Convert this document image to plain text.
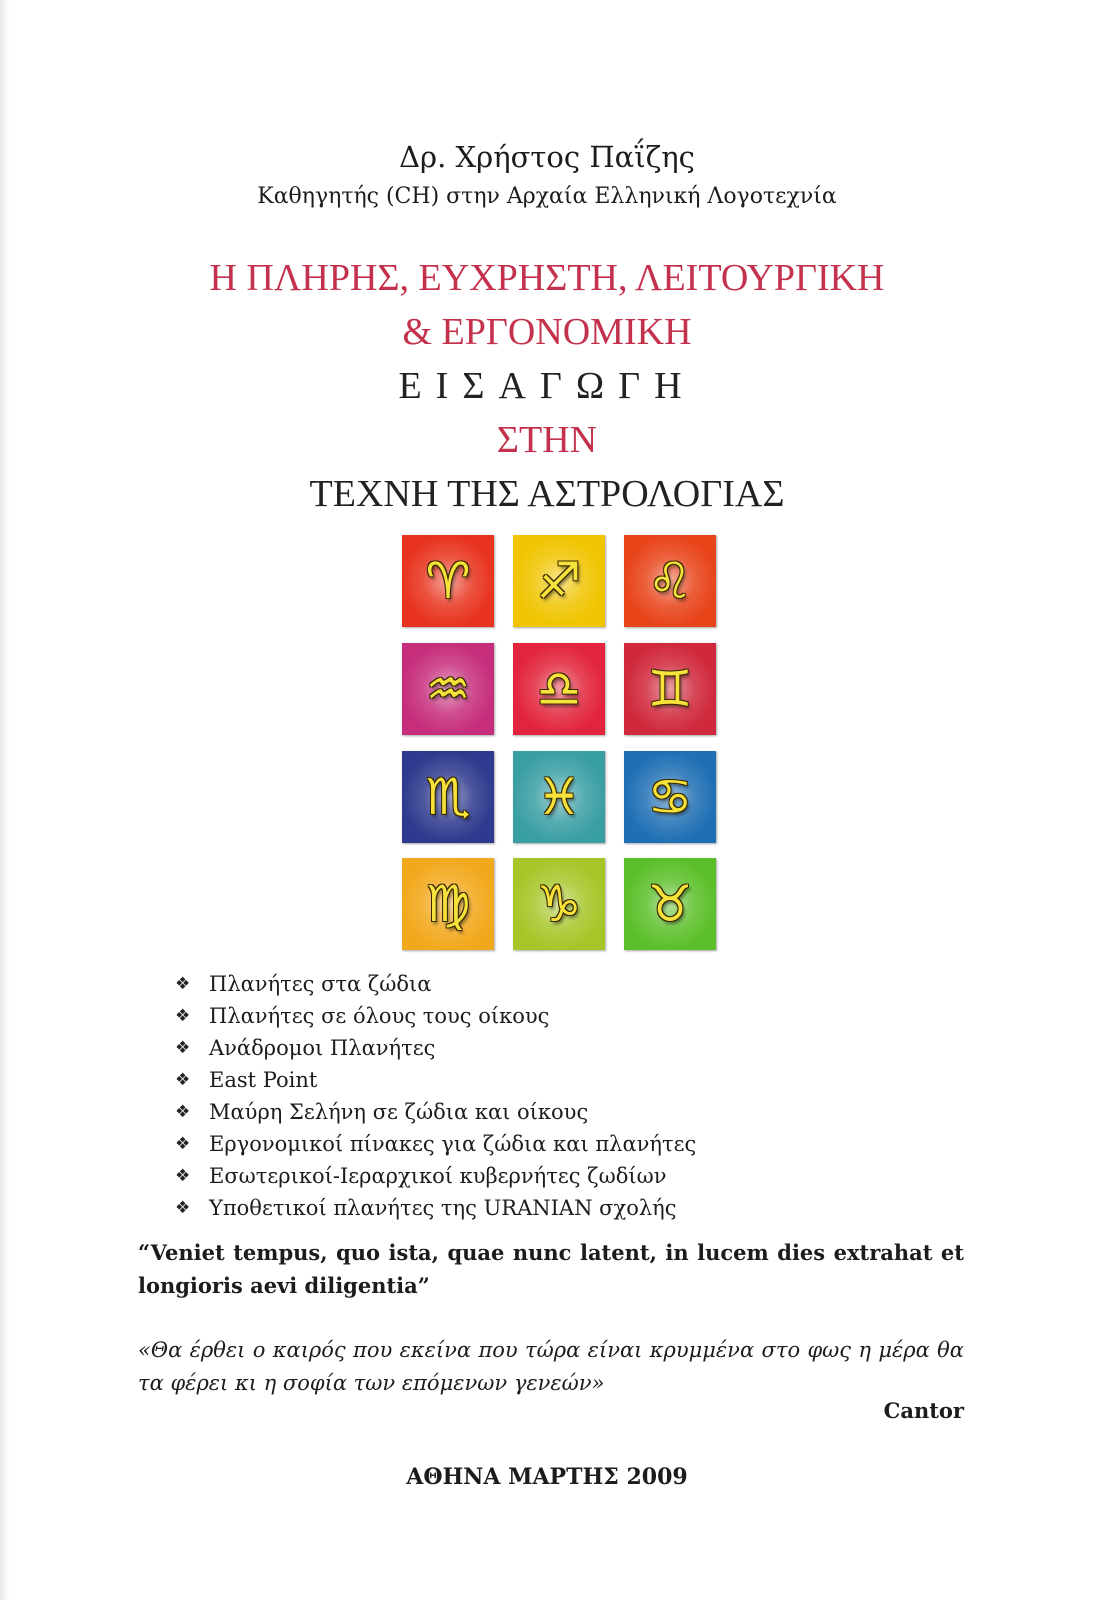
Δρ. Χρήστος Παΐζης
Καθηγητής (CH) στην Αρχαία Ελληνική Λογοτεχνία
Η ΠΛΗΡΗΣ, ΕΥΧΡΗΣΤΗ, ΛΕΙΤΟΥΡΓΙΚΗ
& ΕΡΓΟΝΟΜΙΚΗ
ΕΙΣΑΓΩΓΗ
ΣΤΗΝ
ΤΕΧΝΗ ΤΗΣ ΑΣΤΡΟΛΟΓΙΑΣ
♈ ♐ ♌
♒ ♎ ♊
♏ ♓ ♋
♍ ♑ ♉
❖ Πλανήτες στα ζώδια
❖ Πλανήτες σε όλους τους οίκους
❖ Ανάδρομοι Πλανήτες
❖ East Point
❖ Μαύρη Σελήνη σε ζώδια και οίκους
❖ Εργονομικοί πίνακες για ζώδια και πλανήτες
❖ Εσωτερικοί-Ιεραρχικοί κυβερνήτες ζωδίων
❖ Υποθετικοί πλανήτες της URANIAN σχολής
“Veniet tempus, quo ista, quae nunc latent, in lucem dies extrahat et longioris aevi diligentia”
«Θα έρθει ο καιρός που εκείνα που τώρα είναι κρυμμένα στο φως η μέρα θα τα φέρει κι η σοφία των επόμενων γενεών»
Cantor
ΑΘΗΝΑ ΜΑΡΤΗΣ 2009
